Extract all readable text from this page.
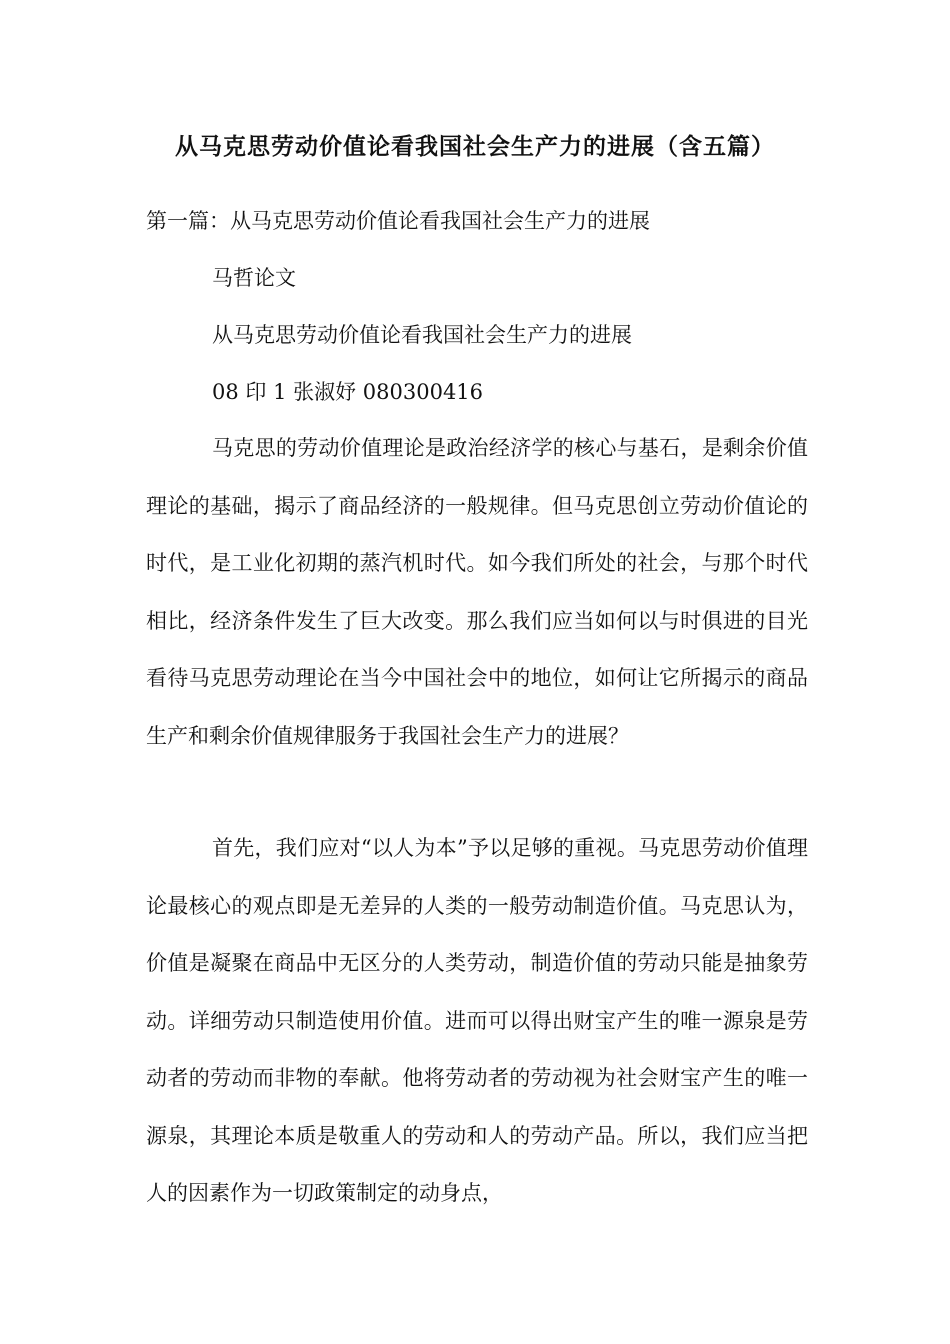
从马克思劳动价值论看我国社会生产力的进展（含五篇）
第一篇：从马克思劳动价值论看我国社会生产力的进展
马哲论文
从马克思劳动价值论看我国社会生产力的进展
08 印 1 张淑妤 080300416

马克思的劳动价值理论是政治经济学的核心与基石，是剩余价值理论的基础，揭示了商品经济的一般规律。但马克思创立劳动价值论的时代，是工业化初期的蒸汽机时代。如今我们所处的社会，与那个时代相比，经济条件发生了巨大改变。那么我们应当如何以与时俱进的目光看待马克思劳动理论在当今中国社会中的地位，如何让它所揭示的商品生产和剩余价值规律服务于我国社会生产力的进展？

首先，我们应对“以人为本”予以足够的重视。马克思劳动价值理论最核心的观点即是无差异的人类的一般劳动制造价值。马克思认为，价值是凝聚在商品中无区分的人类劳动，制造价值的劳动只能是抽象劳动。详细劳动只制造使用价值。进而可以得出财宝产生的唯一源泉是劳动者的劳动而非物的奉献。他将劳动者的劳动视为社会财宝产生的唯一源泉，其理论本质是敬重人的劳动和人的劳动产品。所以，我们应当把人的因素作为一切政策制定的动身点，
